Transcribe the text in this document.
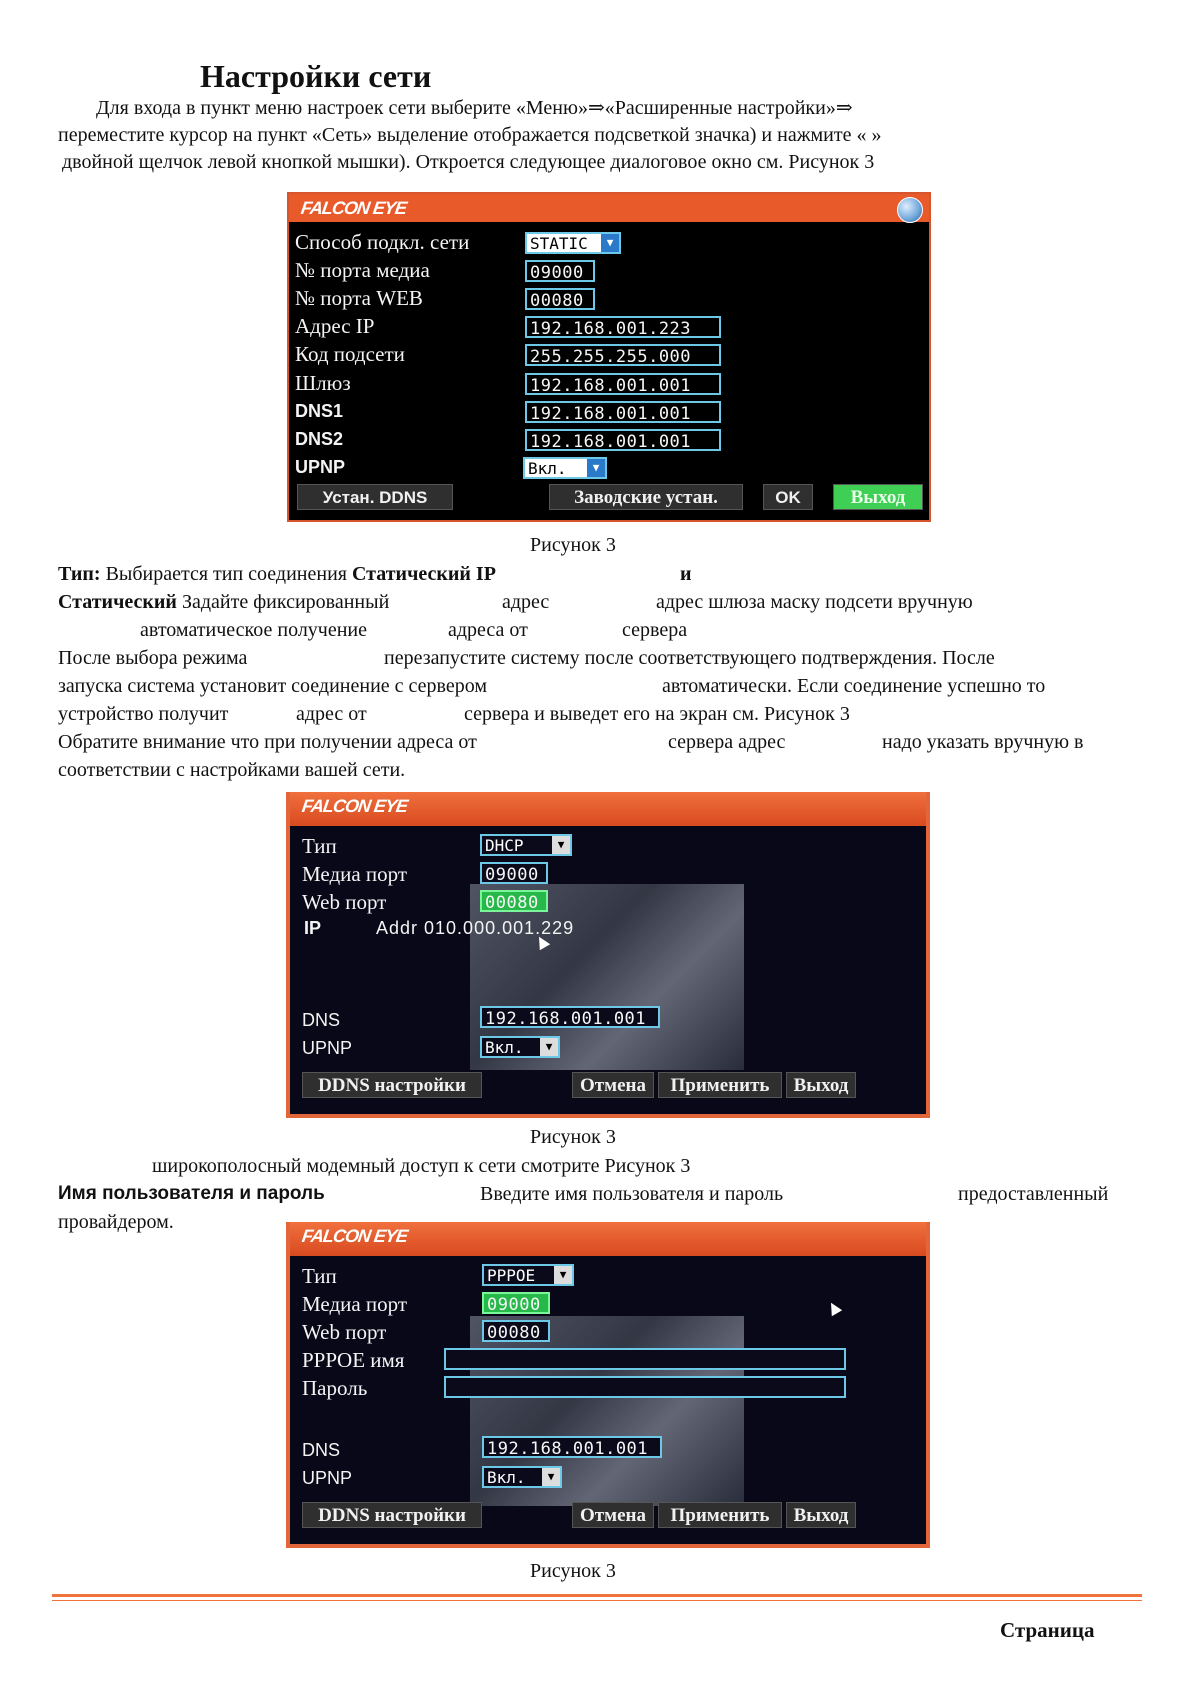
Настройки сети
Для входа в пункт меню настроек сети выберите «Меню»⇒«Расширенные настройки»⇒
переместите курсор на пункт «Сеть» выделение отображается подсветкой значка) и нажмите « »
двойной щелчок левой кнопкой мышки). Откроется следующее диалоговое окно см. Рисунок 3
FALCON EYE
Способ подкл. сети	STATIC	▼
№ порта медиа	09000
№ порта WEB	00080
Адрес IP	192.168.001.223
Код подсети	255.255.255.000
Шлюз	192.168.001.001
DNS1	192.168.001.001
DNS2	192.168.001.001
UPNP	Вкл.	▼
Устан. DDNS	Заводские устан.	OK	Выход
Рисунок 3
Тип: Выбирается тип соединения Статический IP	и
Статический Задайте фиксированный	адрес	адрес шлюза маску подсети вручную
автоматическое получение	адреса от	сервера
После выбора режима	перезапустите систему после соответствующего подтверждения. После
запуска система установит соединение с сервером	автоматически. Если соединение успешно то
устройство получит	адрес от	сервера и выведет его на экран см. Рисунок 3
Обратите внимание что при получении адреса от	сервера адрес	надо указать вручную в
соответствии с настройками вашей сети.
FALCON EYE
Тип	DHCP	▼
Медиа порт	09000
Web порт	00080
IP	Addr 010.000.001.229
DNS	192.168.001.001
UPNP	Вкл.	▼
DDNS настройки	Отмена	Применить	Выход
Рисунок 3
широкополосный модемный доступ к сети смотрите Рисунок 3
Имя пользователя и пароль	Введите имя пользователя и пароль	предоставленный
провайдером.
FALCON EYE
Тип	PPPOE	▼
Медиа порт	09000
Web порт	00080
PPPOE имя
Пароль
DNS	192.168.001.001
UPNP	Вкл.	▼
DDNS настройки	Отмена	Применить	Выход
Рисунок 3
Страница
